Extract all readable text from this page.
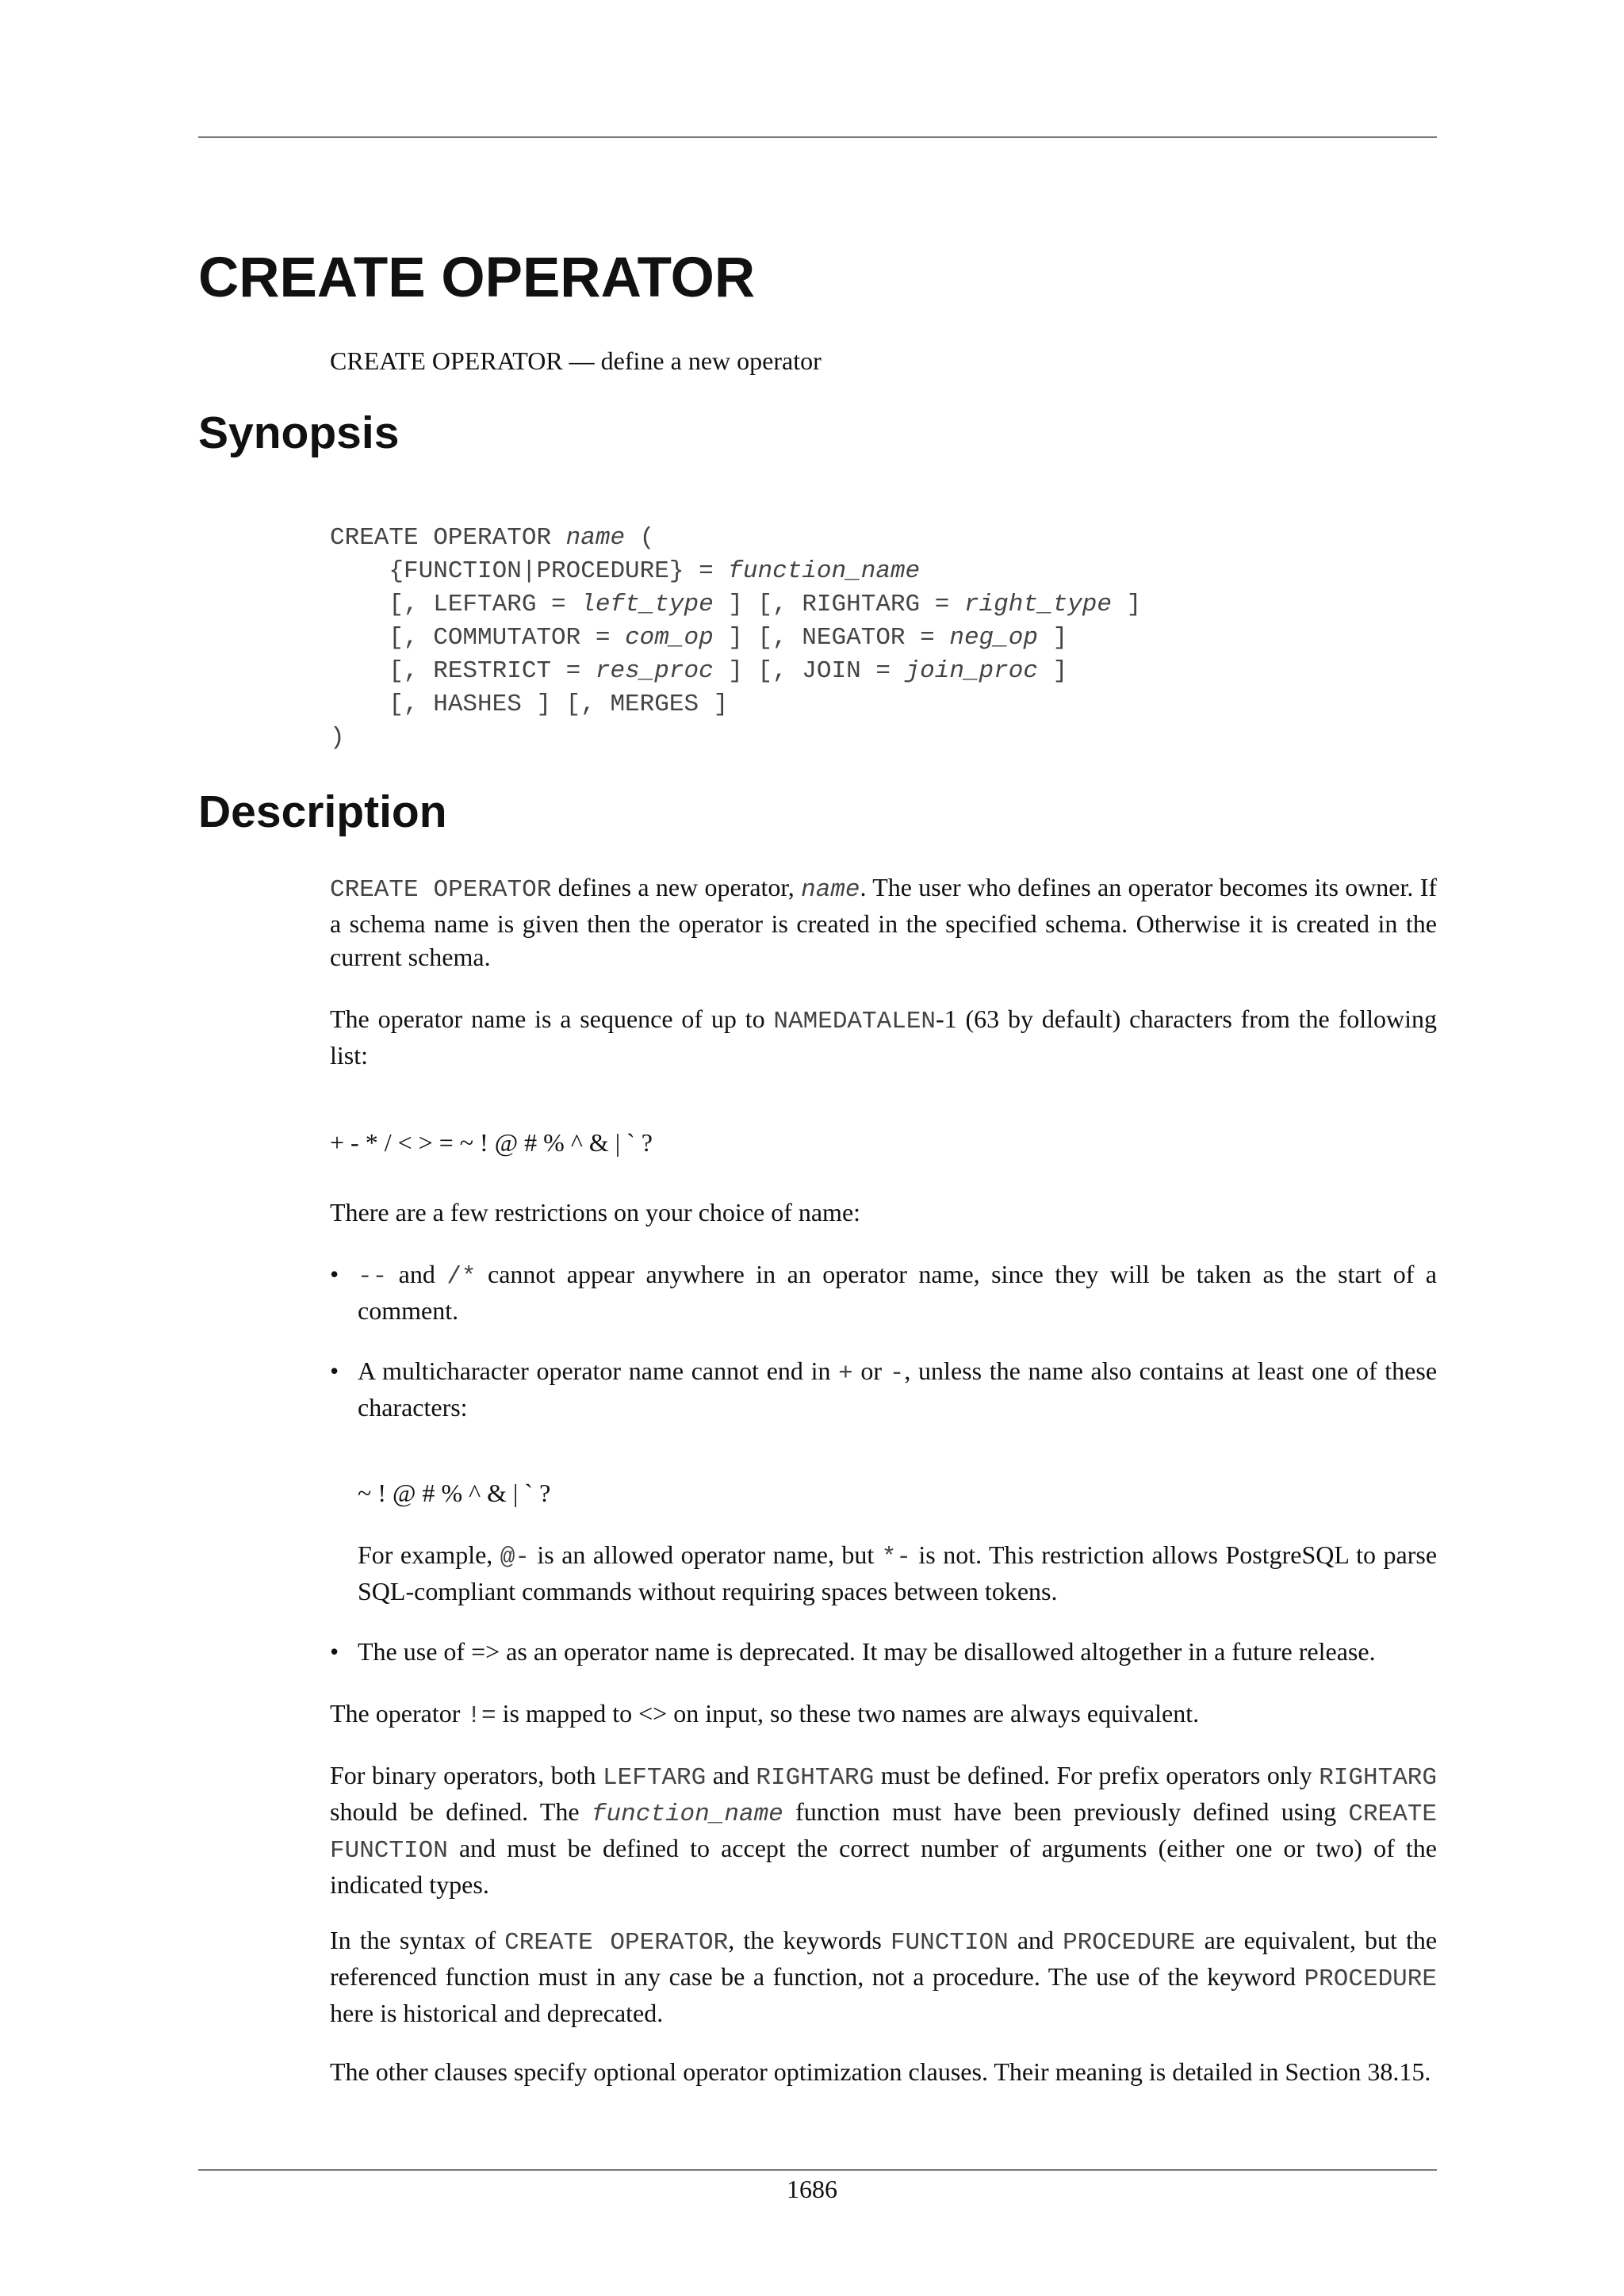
CREATE OPERATOR

CREATE OPERATOR — define a new operator

Synopsis
CREATE OPERATOR name (
{FUNCTION|PROCEDURE} = function_name
[, LEFTARG = left_type ] [, RIGHTARG = right_type ]
[, COMMUTATOR = com_op ] [, NEGATOR = neg_op ]
[, RESTRICT = res_proc ] [, JOIN = join_proc ]
[, HASHES ] [, MERGES ]
)
Description

CREATE OPERATOR defines a new operator, name. The user who defines an operator becomes its owner. If a schema name is given then the operator is created in the specified schema. Otherwise it is created in the current schema.

The operator name is a sequence of up to NAMEDATALEN-1 (63 by default) characters from the following list:

+ - * / < > = ~ ! @ # % ^ & | ` ?

There are a few restrictions on your choice of name:

• -- and /* cannot appear anywhere in an operator name, since they will be taken as the start of a comment.

• A multicharacter operator name cannot end in + or -, unless the name also contains at least one of these characters:

~ ! @ # % ^ & | ` ?

For example, @- is an allowed operator name, but *- is not. This restriction allows PostgreSQL to parse SQL-compliant commands without requiring spaces between tokens.

• The use of => as an operator name is deprecated. It may be disallowed altogether in a future release.

The operator != is mapped to <> on input, so these two names are always equivalent.

For binary operators, both LEFTARG and RIGHTARG must be defined. For prefix operators only RIGHTARG should be defined. The function_name function must have been previously defined using CREATE FUNCTION and must be defined to accept the correct number of arguments (either one or two) of the indicated types.

In the syntax of CREATE OPERATOR, the keywords FUNCTION and PROCEDURE are equivalent, but the referenced function must in any case be a function, not a procedure. The use of the keyword PROCEDURE here is historical and deprecated.

The other clauses specify optional operator optimization clauses. Their meaning is detailed in Section 38.15.

1686
